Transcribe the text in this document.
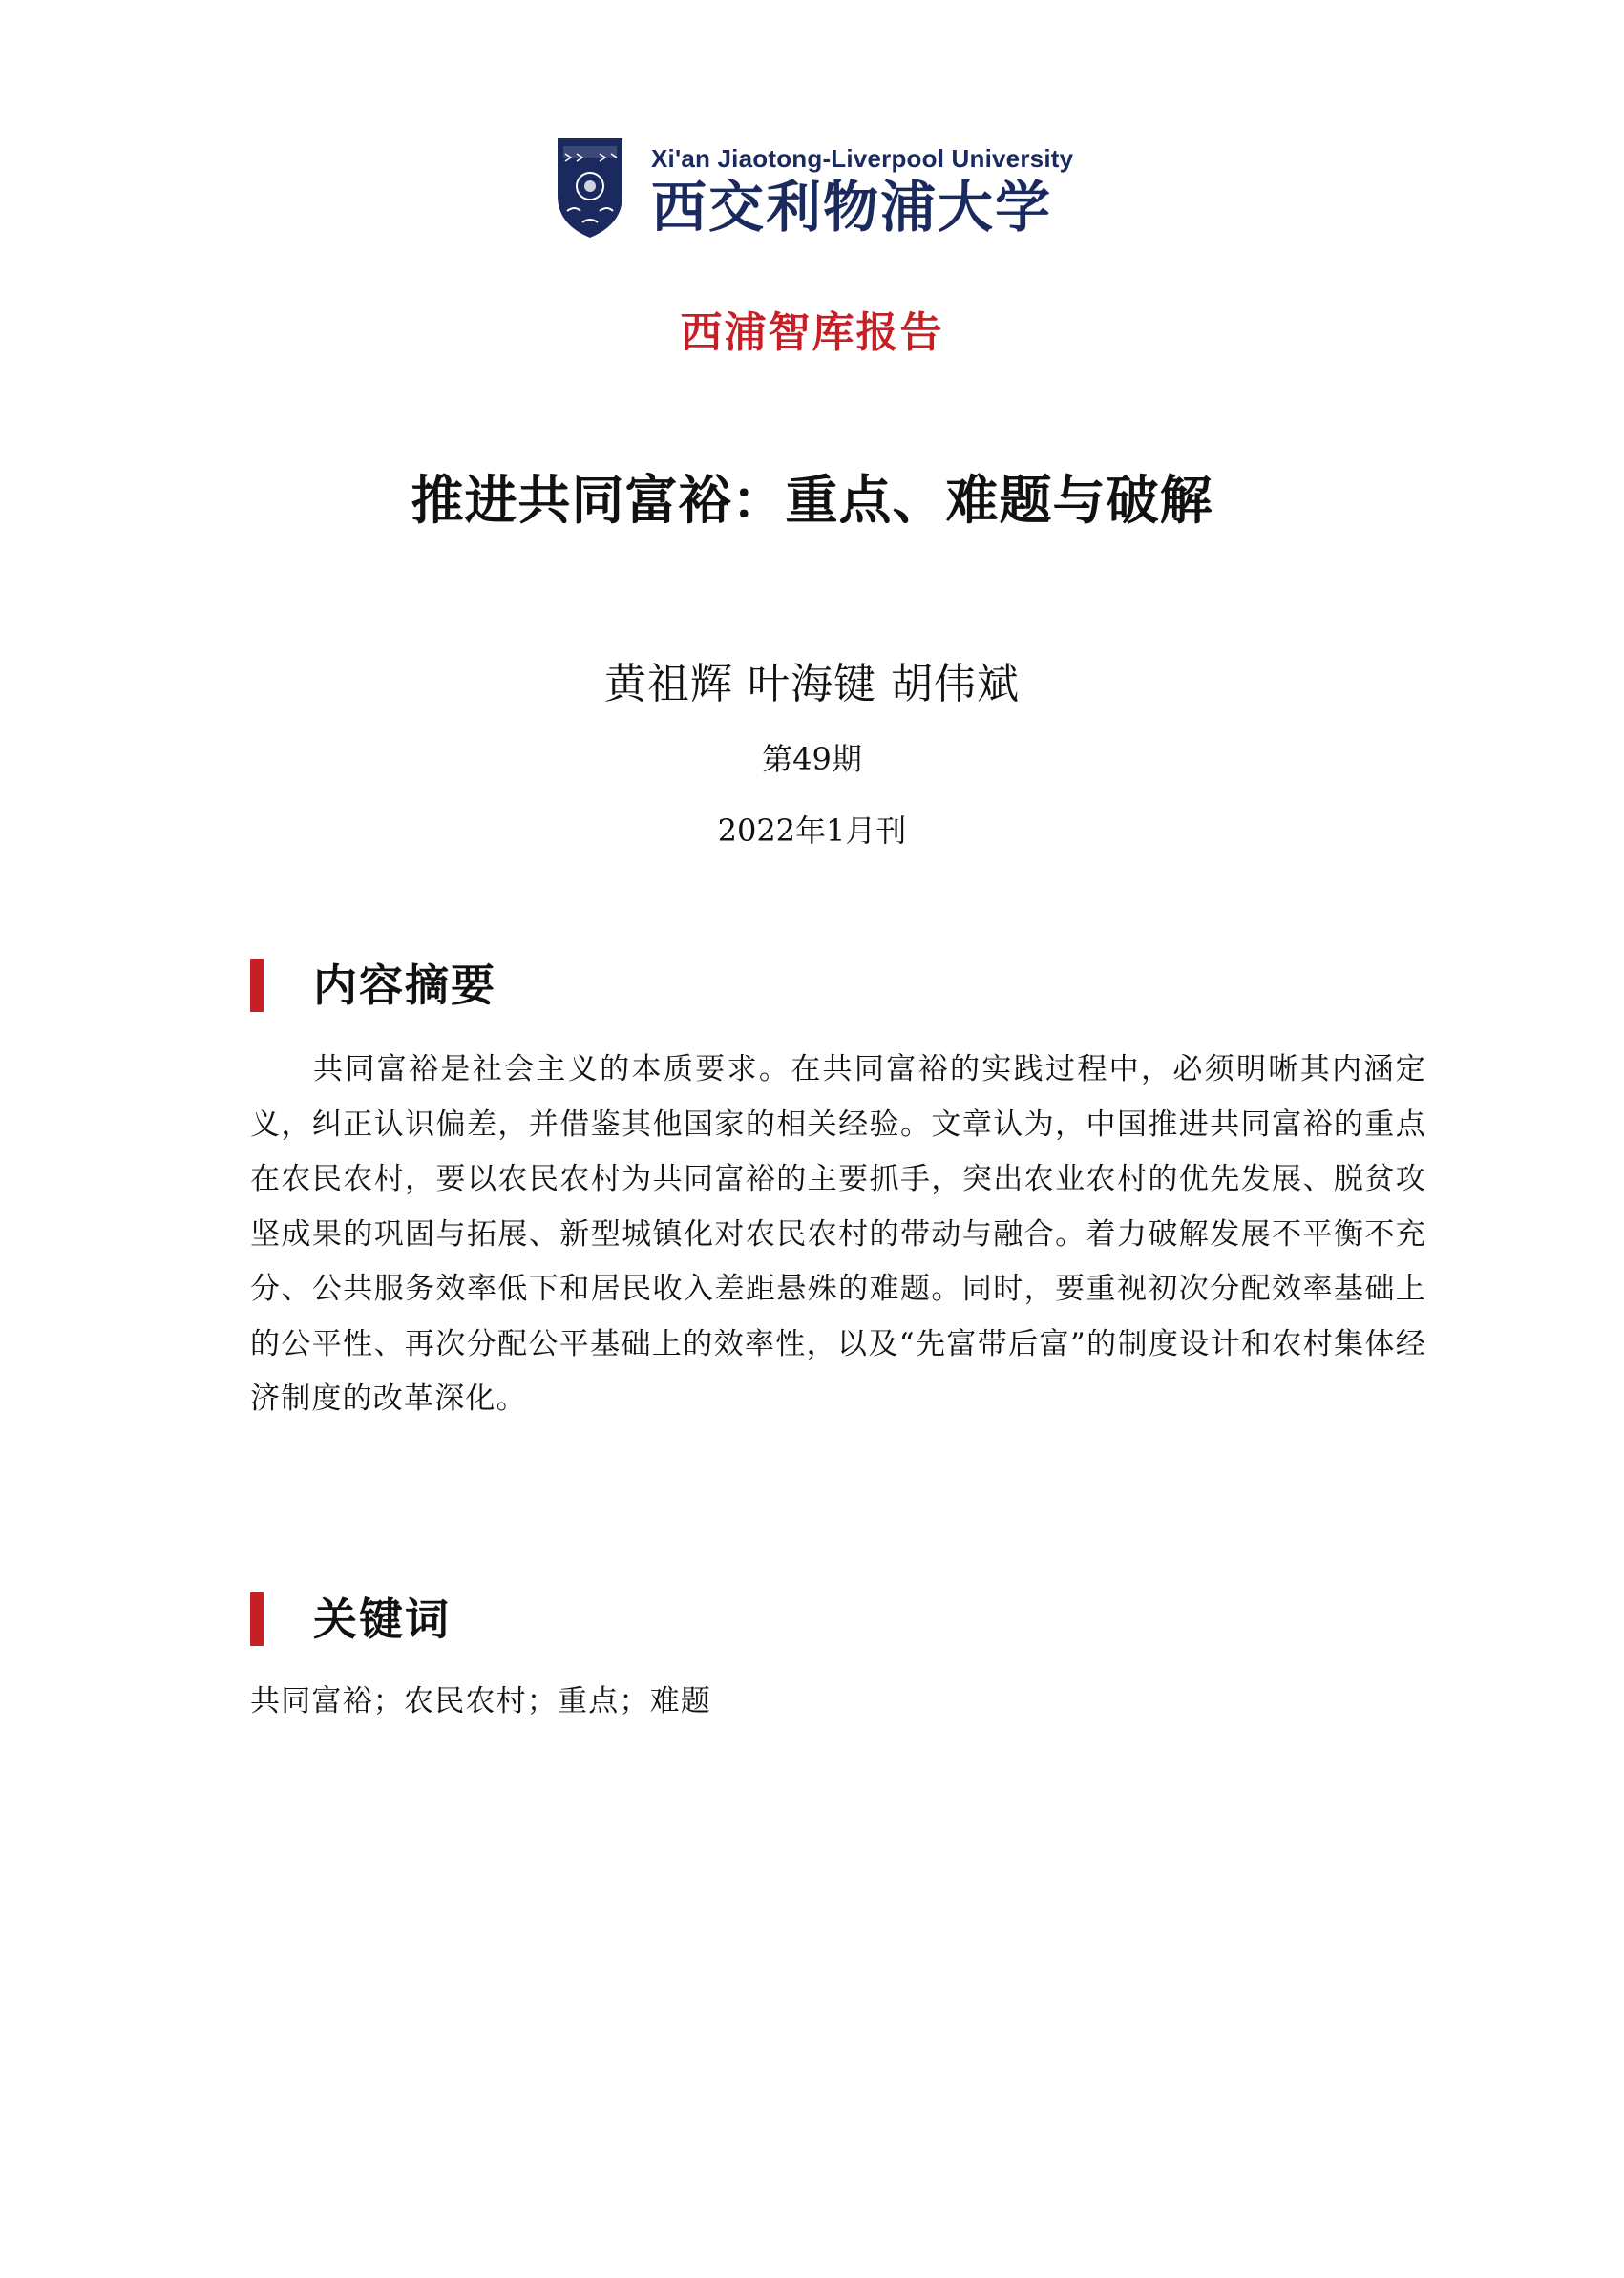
Xi'an Jiaotong-Liverpool University
西交利物浦大学
西浦智库报告
推进共同富裕：重点、难题与破解
黄祖辉 叶海键 胡伟斌
第49期
2022年1月刊
内容摘要

共同富裕是社会主义的本质要求。在共同富裕的实践过程中，必须明晰其内涵定义，纠正认识偏差，并借鉴其他国家的相关经验。文章认为，中国推进共同富裕的重点在农民农村，要以农民农村为共同富裕的主要抓手，突出农业农村的优先发展、脱贫攻坚成果的巩固与拓展、新型城镇化对农民农村的带动与融合。着力破解发展不平衡不充分、公共服务效率低下和居民收入差距悬殊的难题。同时，要重视初次分配效率基础上的公平性、再次分配公平基础上的效率性，以及“先富带后富”的制度设计和农村集体经济制度的改革深化。

关键词

共同富裕；农民农村；重点；难题
